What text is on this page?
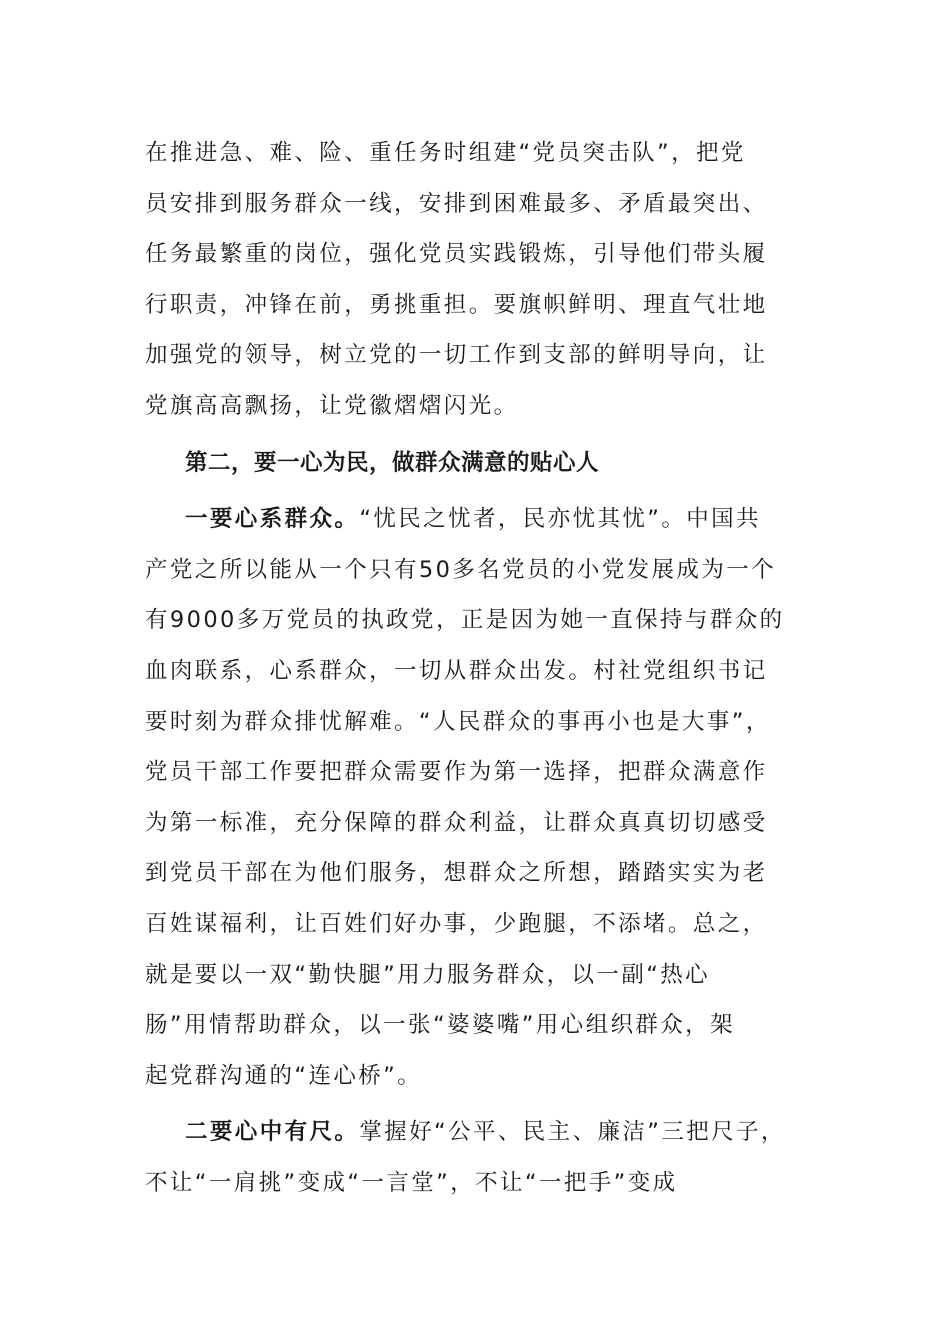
在推进急、难、险、重任务时组建“党员突击队”，把党
员安排到服务群众一线，安排到困难最多、矛盾最突出、
任务最繁重的岗位，强化党员实践锻炼，引导他们带头履
行职责，冲锋在前，勇挑重担。要旗帜鲜明、理直气壮地
加强党的领导，树立党的一切工作到支部的鲜明导向，让
党旗高高飘扬，让党徽熠熠闪光。
第二，要一心为民，做群众满意的贴心人
一要心系群众。“忧民之忧者，民亦忧其忧”。中国共
产党之所以能从一个只有50多名党员的小党发展成为一个
有9000多万党员的执政党，正是因为她一直保持与群众的
血肉联系，心系群众，一切从群众出发。村社党组织书记
要时刻为群众排忧解难。“人民群众的事再小也是大事”，
党员干部工作要把群众需要作为第一选择，把群众满意作
为第一标准，充分保障的群众利益，让群众真真切切感受
到党员干部在为他们服务，想群众之所想，踏踏实实为老
百姓谋福利，让百姓们好办事，少跑腿，不添堵。总之，
就是要以一双“勤快腿”用力服务群众，以一副“热心
肠”用情帮助群众，以一张“婆婆嘴”用心组织群众，架
起党群沟通的“连心桥”。
二要心中有尺。掌握好“公平、民主、廉洁”三把尺子，
不让“一肩挑”变成“一言堂”，不让“一把手”变成
